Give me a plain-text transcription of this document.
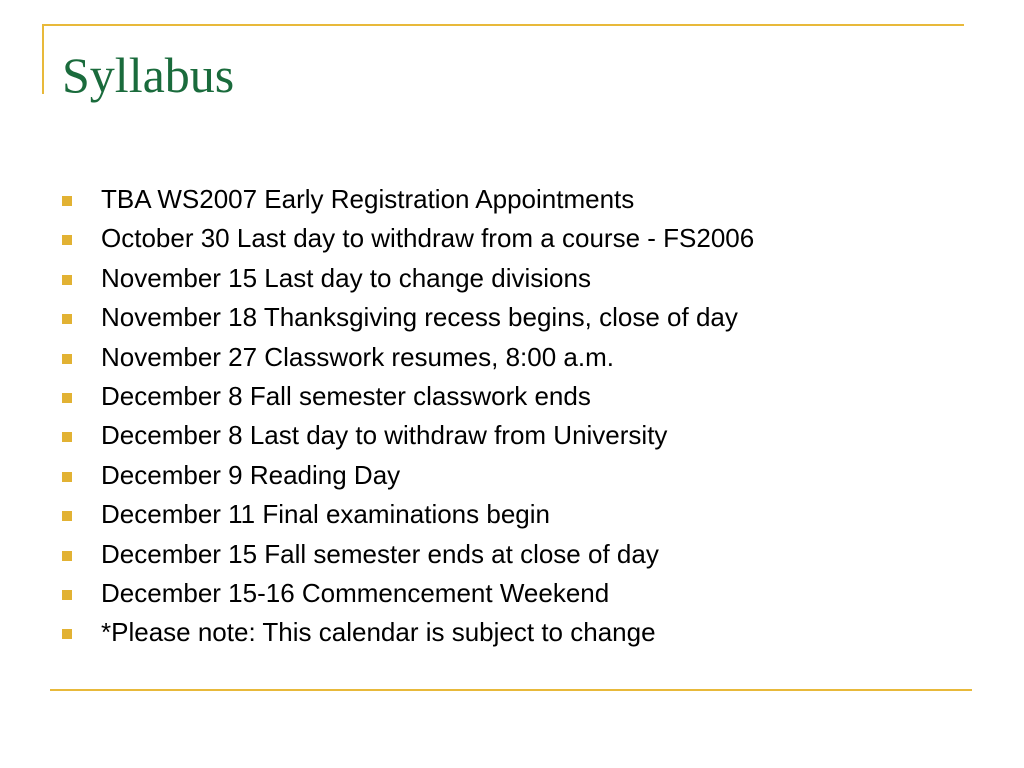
Syllabus
TBA WS2007 Early Registration Appointments
October 30 Last day to withdraw from a course - FS2006
November 15 Last day to change divisions
November 18 Thanksgiving recess begins, close of day
November 27 Classwork resumes, 8:00 a.m.
December 8 Fall semester classwork ends
December 8 Last day to withdraw from University
December 9 Reading Day
December 11 Final examinations begin
December 15 Fall semester ends at close of day
December 15-16 Commencement Weekend
*Please note: This calendar is subject to change
